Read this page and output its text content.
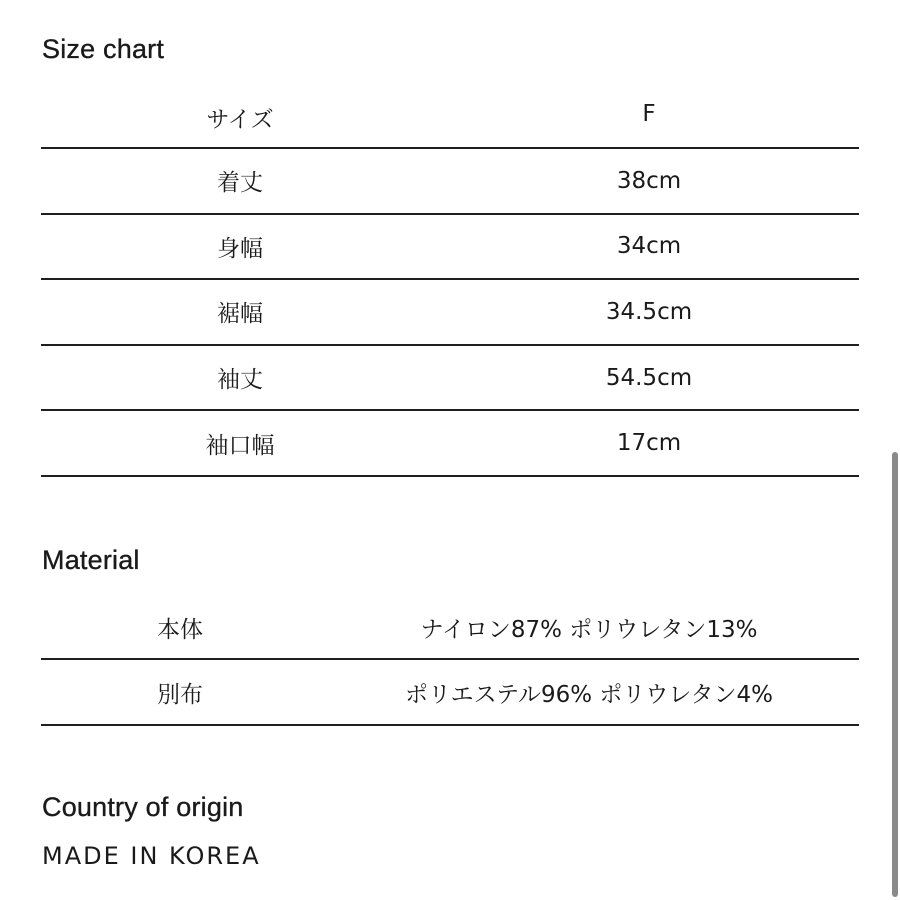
Size chart
サイズ	F
着丈	38cm
身幅	34cm
裾幅	34.5cm
袖丈	54.5cm
袖口幅	17cm
Material
本体	ナイロン87% ポリウレタン13%
別布	ポリエステル96% ポリウレタン4%
Country of origin

MADE IN KOREA
